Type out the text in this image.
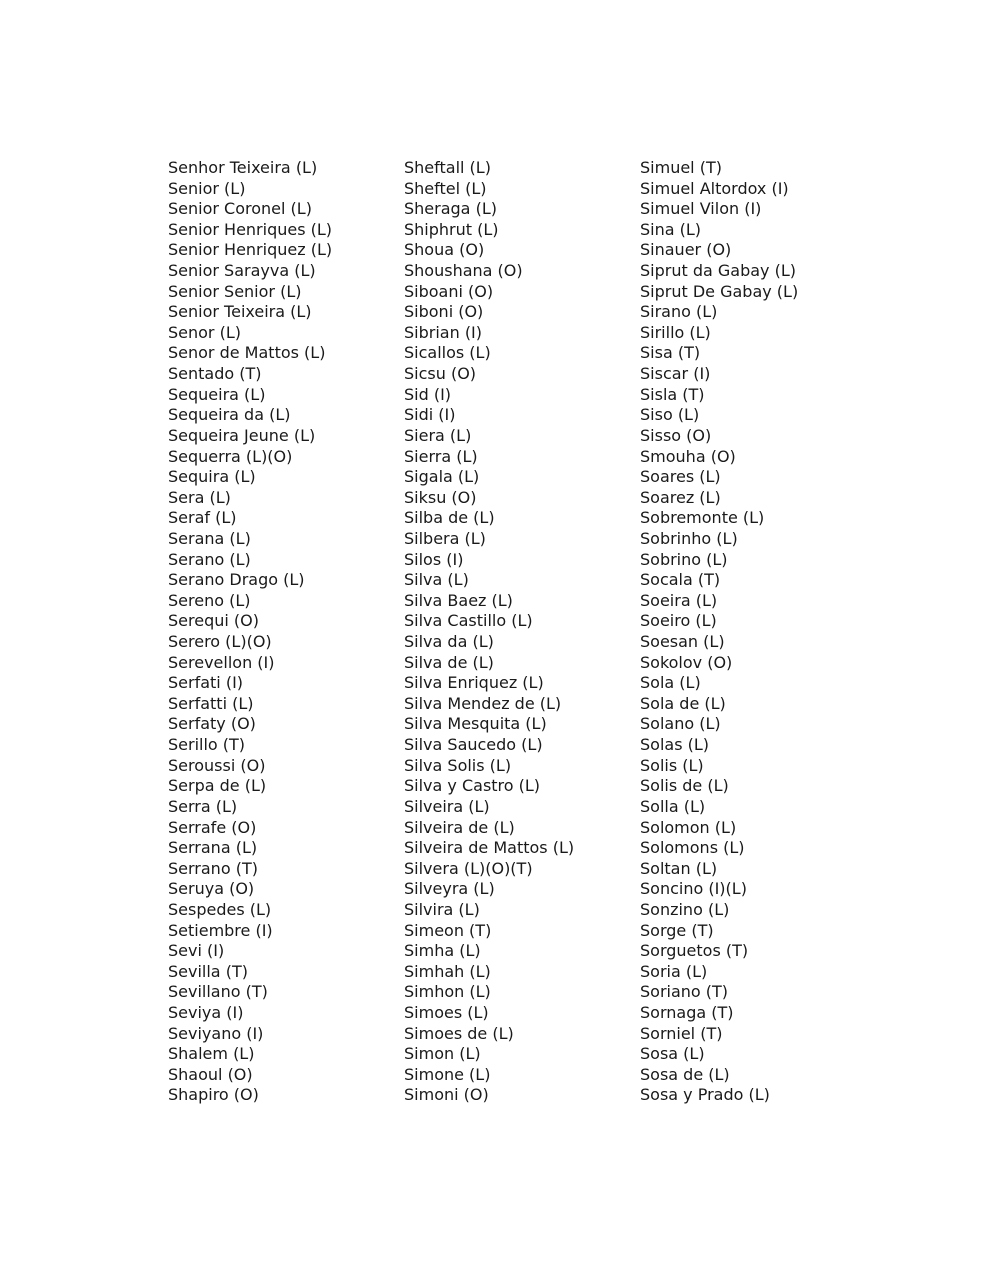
Senhor Teixeira (L)
Senior (L)
Senior Coronel (L)
Senior Henriques (L)
Senior Henriquez (L)
Senior Sarayva (L)
Senior Senior (L)
Senior Teixeira (L)
Senor (L)
Senor de Mattos (L)
Sentado (T)
Sequeira (L)
Sequeira da (L)
Sequeira Jeune (L)
Sequerra (L)(O)
Sequira (L)
Sera (L)
Seraf (L)
Serana (L)
Serano (L)
Serano Drago (L)
Sereno (L)
Serequi (O)
Serero (L)(O)
Serevellon (I)
Serfati (I)
Serfatti (L)
Serfaty (O)
Serillo (T)
Seroussi (O)
Serpa de (L)
Serra (L)
Serrafe (O)
Serrana (L)
Serrano (T)
Seruya (O)
Sespedes (L)
Setiembre (I)
Sevi (I)
Sevilla (T)
Sevillano (T)
Seviya (I)
Seviyano (I)
Shalem (L)
Shaoul (O)
Shapiro (O)
Sheftall (L)
Sheftel (L)
Sheraga (L)
Shiphrut (L)
Shoua (O)
Shoushana (O)
Siboani (O)
Siboni (O)
Sibrian (I)
Sicallos (L)
Sicsu (O)
Sid (I)
Sidi (I)
Siera (L)
Sierra (L)
Sigala (L)
Siksu (O)
Silba de (L)
Silbera (L)
Silos (I)
Silva (L)
Silva Baez (L)
Silva Castillo (L)
Silva da (L)
Silva de (L)
Silva Enriquez (L)
Silva Mendez de (L)
Silva Mesquita (L)
Silva Saucedo (L)
Silva Solis (L)
Silva y Castro (L)
Silveira (L)
Silveira de (L)
Silveira de Mattos (L)
Silvera (L)(O)(T)
Silveyra (L)
Silvira (L)
Simeon (T)
Simha (L)
Simhah (L)
Simhon (L)
Simoes (L)
Simoes de (L)
Simon (L)
Simone (L)
Simoni (O)
Simuel (T)
Simuel Altordox (I)
Simuel Vilon (I)
Sina (L)
Sinauer (O)
Siprut da Gabay (L)
Siprut De Gabay (L)
Sirano (L)
Sirillo (L)
Sisa (T)
Siscar (I)
Sisla (T)
Siso (L)
Sisso (O)
Smouha (O)
Soares (L)
Soarez (L)
Sobremonte (L)
Sobrinho (L)
Sobrino (L)
Socala (T)
Soeira (L)
Soeiro (L)
Soesan (L)
Sokolov (O)
Sola (L)
Sola de (L)
Solano (L)
Solas (L)
Solis (L)
Solis de (L)
Solla (L)
Solomon (L)
Solomons (L)
Soltan (L)
Soncino (I)(L)
Sonzino (L)
Sorge (T)
Sorguetos (T)
Soria (L)
Soriano (T)
Sornaga (T)
Sorniel (T)
Sosa (L)
Sosa de (L)
Sosa y Prado (L)
